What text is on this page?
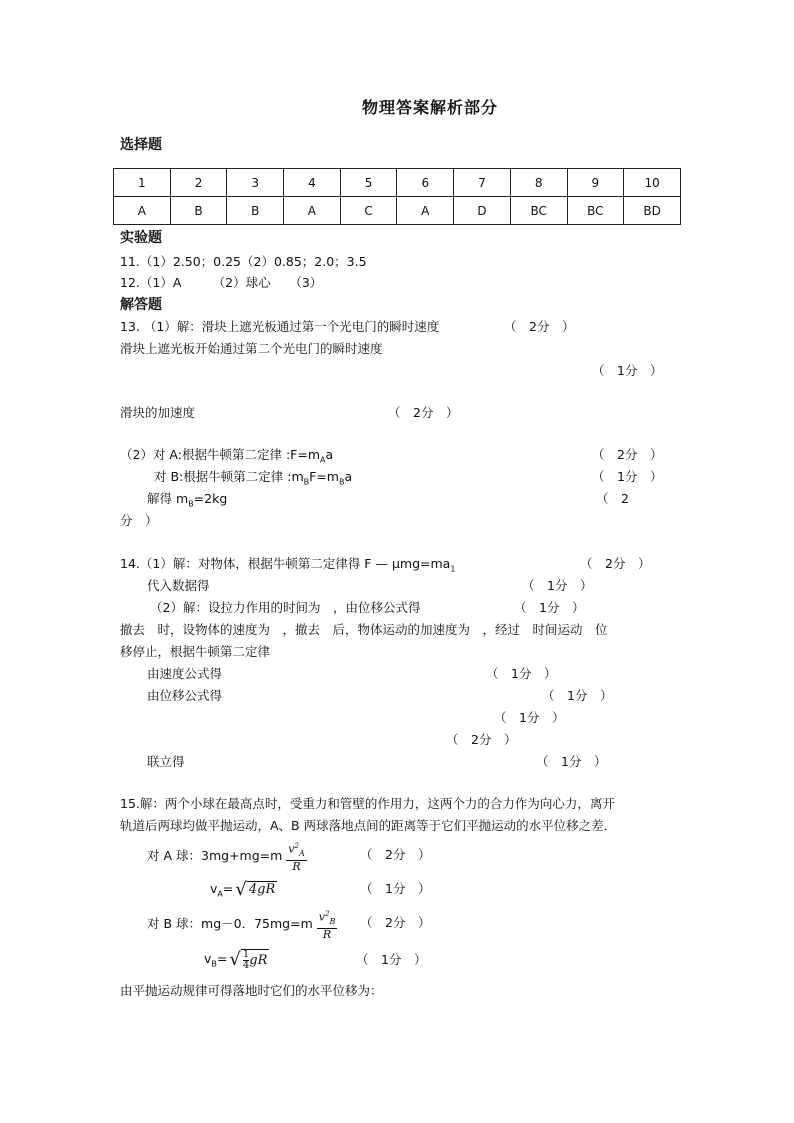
物理答案解析部分
选择题
1	2	3	4	5	6	7	8	9	10
A	B	B	A	C	A	D	BC	BC	BD
实验题
11.（1）2.50；0.25（2）0.85；2.0；3.5
12.（1）A　　　（2）球心　　（3）
解答题
13. （1）解：滑块上遮光板通过第一个光电门的瞬时速度	（　2分　）
滑块上遮光板开始通过第二个光电门的瞬时速度
（　1分　）
滑块的加速度	（　2分　）
（2）对 A:根据牛顿第二定律 $:F=m_Aa$	（　2分　）
对 B:根据牛顿第二定律 $:m_BF=m_Ba$	（　1分　）
解得 $m_B=2kg$	（　2
分　）
14.（1）解：对物体，根据牛顿第二定律得 F — $\mu mg=ma_1$	（　2分　）
代入数据得	（　1分　）
（2）解：设拉力作用的时间为　，由位移公式得	（　1分　）
撤去　时，设物体的速度为　，撤去　后，物体运动的加速度为　，经过　时间运动　位
移停止，根据牛顿第二定律
由速度公式得	（　1分　）
由位移公式得	（　1分　）
（　1分　）
（　2分　）
联立得	（　1分　）
15.解：两个小球在最高点时，受重力和管壁的作用力，这两个力的合力作为向心力，离开
轨道后两球均做平抛运动，A、B 两球落地点间的距离等于它们平抛运动的水平位移之差．
对 A 球：$3mg+mg=m \frac{v^2_A}{R}$	（　2分　）
$v_A=$ √ 4gR	（　1分　）
对 B 球：mg－0．$75mg=m \frac{v^2_B}{R}$ （　2分　）
$v_B=$ √ $\frac{1}{4}$ gR	（　1分　）
由平抛运动规律可得落地时它们的水平位移为：
